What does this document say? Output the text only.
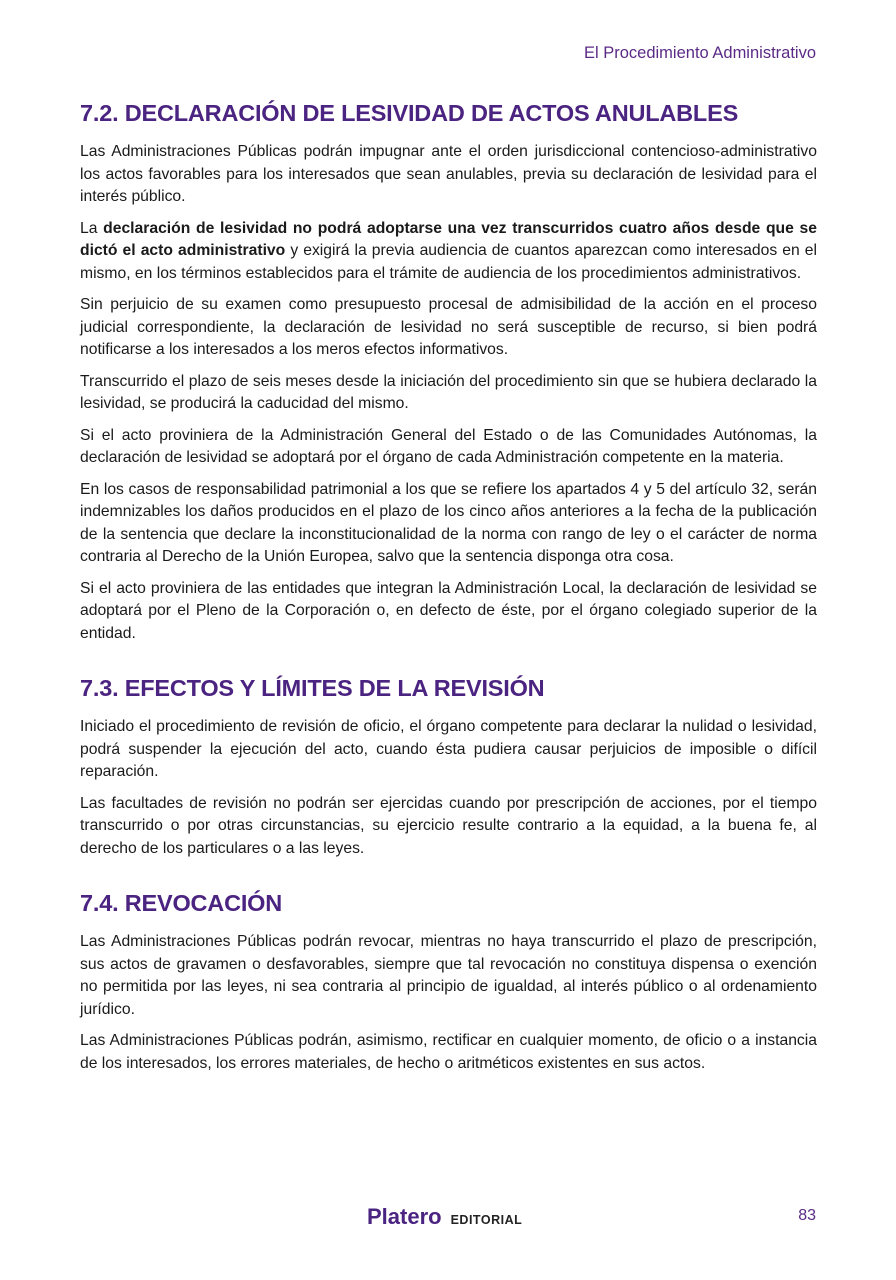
El Procedimiento Administrativo
7.2. DECLARACIÓN DE LESIVIDAD DE ACTOS ANULABLES

Las Administraciones Públicas podrán impugnar ante el orden jurisdiccional contencioso-administrativo los actos favorables para los interesados que sean anulables, previa su declaración de lesividad para el interés público.

La declaración de lesividad no podrá adoptarse una vez transcurridos cuatro años desde que se dictó el acto administrativo y exigirá la previa audiencia de cuantos aparezcan como interesados en el mismo, en los términos establecidos para el trámite de audiencia de los procedimientos administrativos.

Sin perjuicio de su examen como presupuesto procesal de admisibilidad de la acción en el proceso judicial correspondiente, la declaración de lesividad no será susceptible de recurso, si bien podrá notificarse a los interesados a los meros efectos informativos.

Transcurrido el plazo de seis meses desde la iniciación del procedimiento sin que se hubiera declarado la lesividad, se producirá la caducidad del mismo.

Si el acto proviniera de la Administración General del Estado o de las Comunidades Autónomas, la declaración de lesividad se adoptará por el órgano de cada Administración competente en la materia.

En los casos de responsabilidad patrimonial a los que se refiere los apartados 4 y 5 del artículo 32, serán indemnizables los daños producidos en el plazo de los cinco años anteriores a la fecha de la publicación de la sentencia que declare la inconstitucionalidad de la norma con rango de ley o el carácter de norma contraria al Derecho de la Unión Europea, salvo que la sentencia disponga otra cosa.

Si el acto proviniera de las entidades que integran la Administración Local, la declaración de lesividad se adoptará por el Pleno de la Corporación o, en defecto de éste, por el órgano colegiado superior de la entidad.

7.3. EFECTOS Y LÍMITES DE LA REVISIÓN

Iniciado el procedimiento de revisión de oficio, el órgano competente para declarar la nulidad o lesividad, podrá suspender la ejecución del acto, cuando ésta pudiera causar perjuicios de imposible o difícil reparación.

Las facultades de revisión no podrán ser ejercidas cuando por prescripción de acciones, por el tiempo transcurrido o por otras circunstancias, su ejercicio resulte contrario a la equidad, a la buena fe, al derecho de los particulares o a las leyes.

7.4. REVOCACIÓN

Las Administraciones Públicas podrán revocar, mientras no haya transcurrido el plazo de prescripción, sus actos de gravamen o desfavorables, siempre que tal revocación no constituya dispensa o exención no permitida por las leyes, ni sea contraria al principio de igualdad, al interés público o al ordenamiento jurídico.

Las Administraciones Públicas podrán, asimismo, rectificar en cualquier momento, de oficio o a instancia de los interesados, los errores materiales, de hecho o aritméticos existentes en sus actos.

Platero EDITORIAL	83
